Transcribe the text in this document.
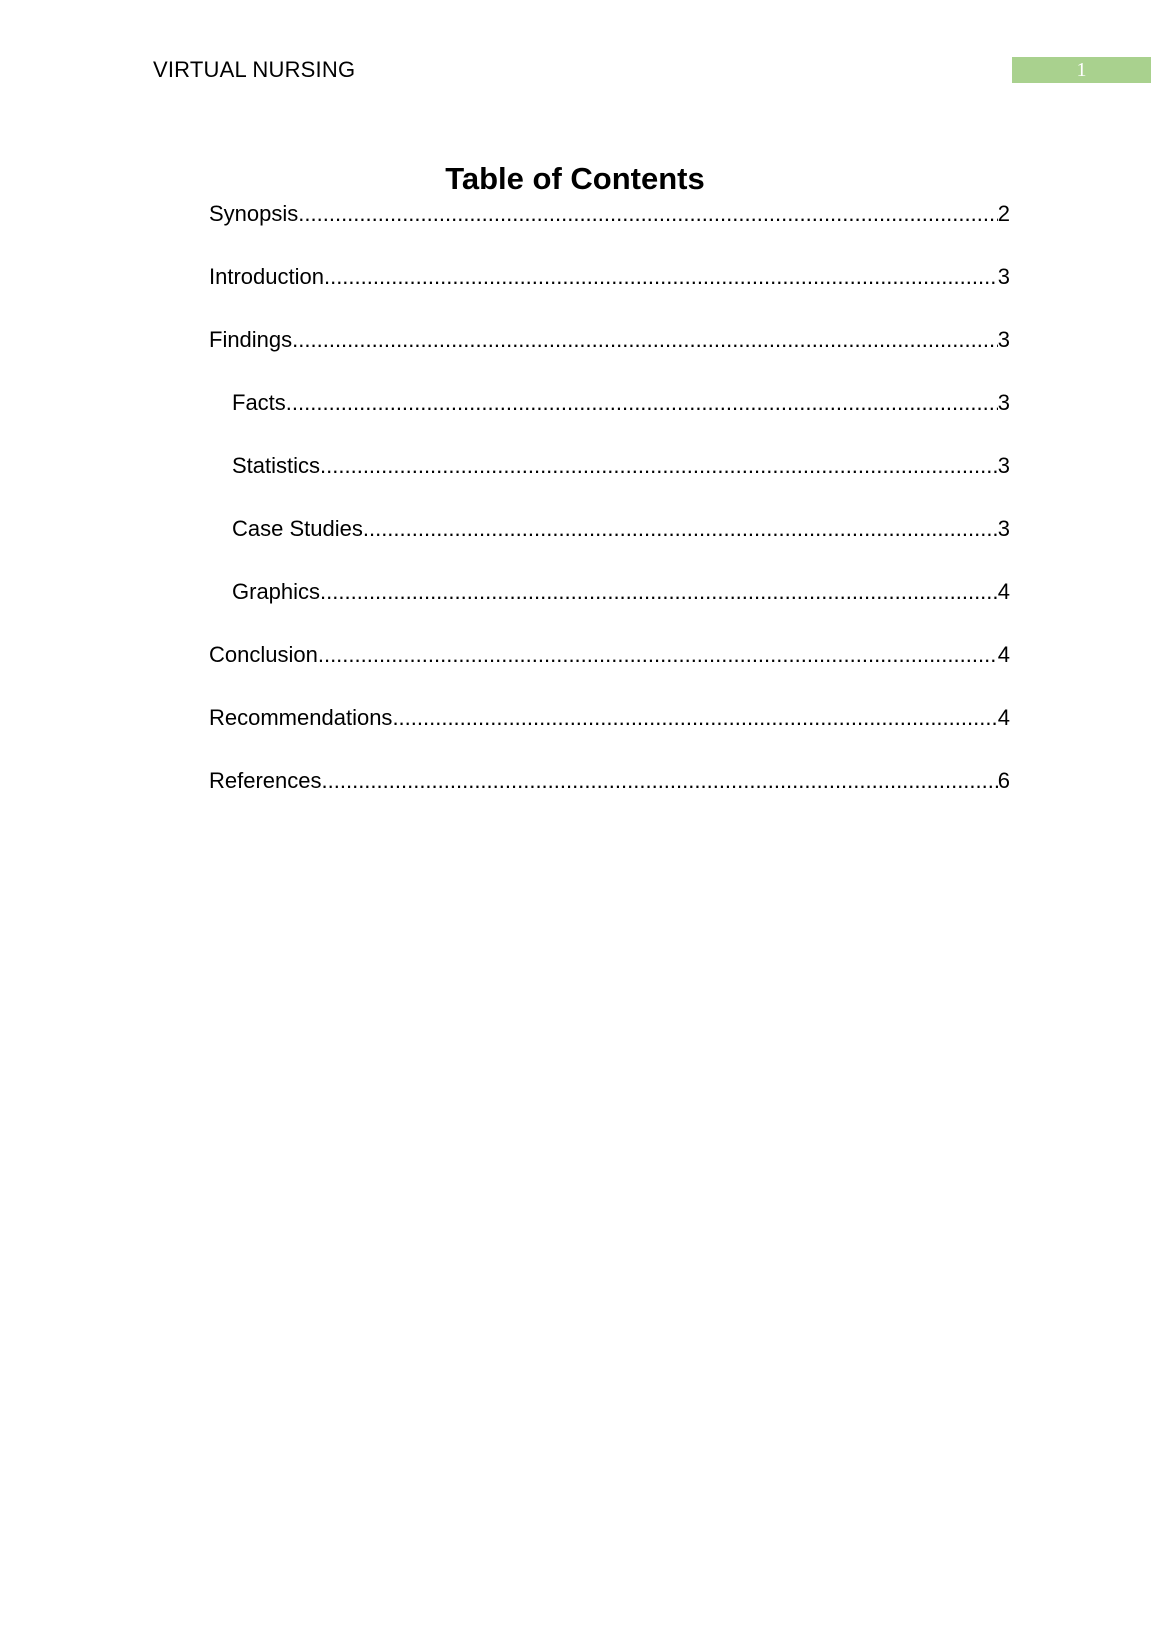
VIRTUAL NURSING	1
Table of Contents
Synopsis .....	2
Introduction .....	3
Findings .....	3
Facts .....	3
Statistics .....	3
Case Studies .....	3
Graphics .....	4
Conclusion .....	4
Recommendations .....	4
References .....	6
